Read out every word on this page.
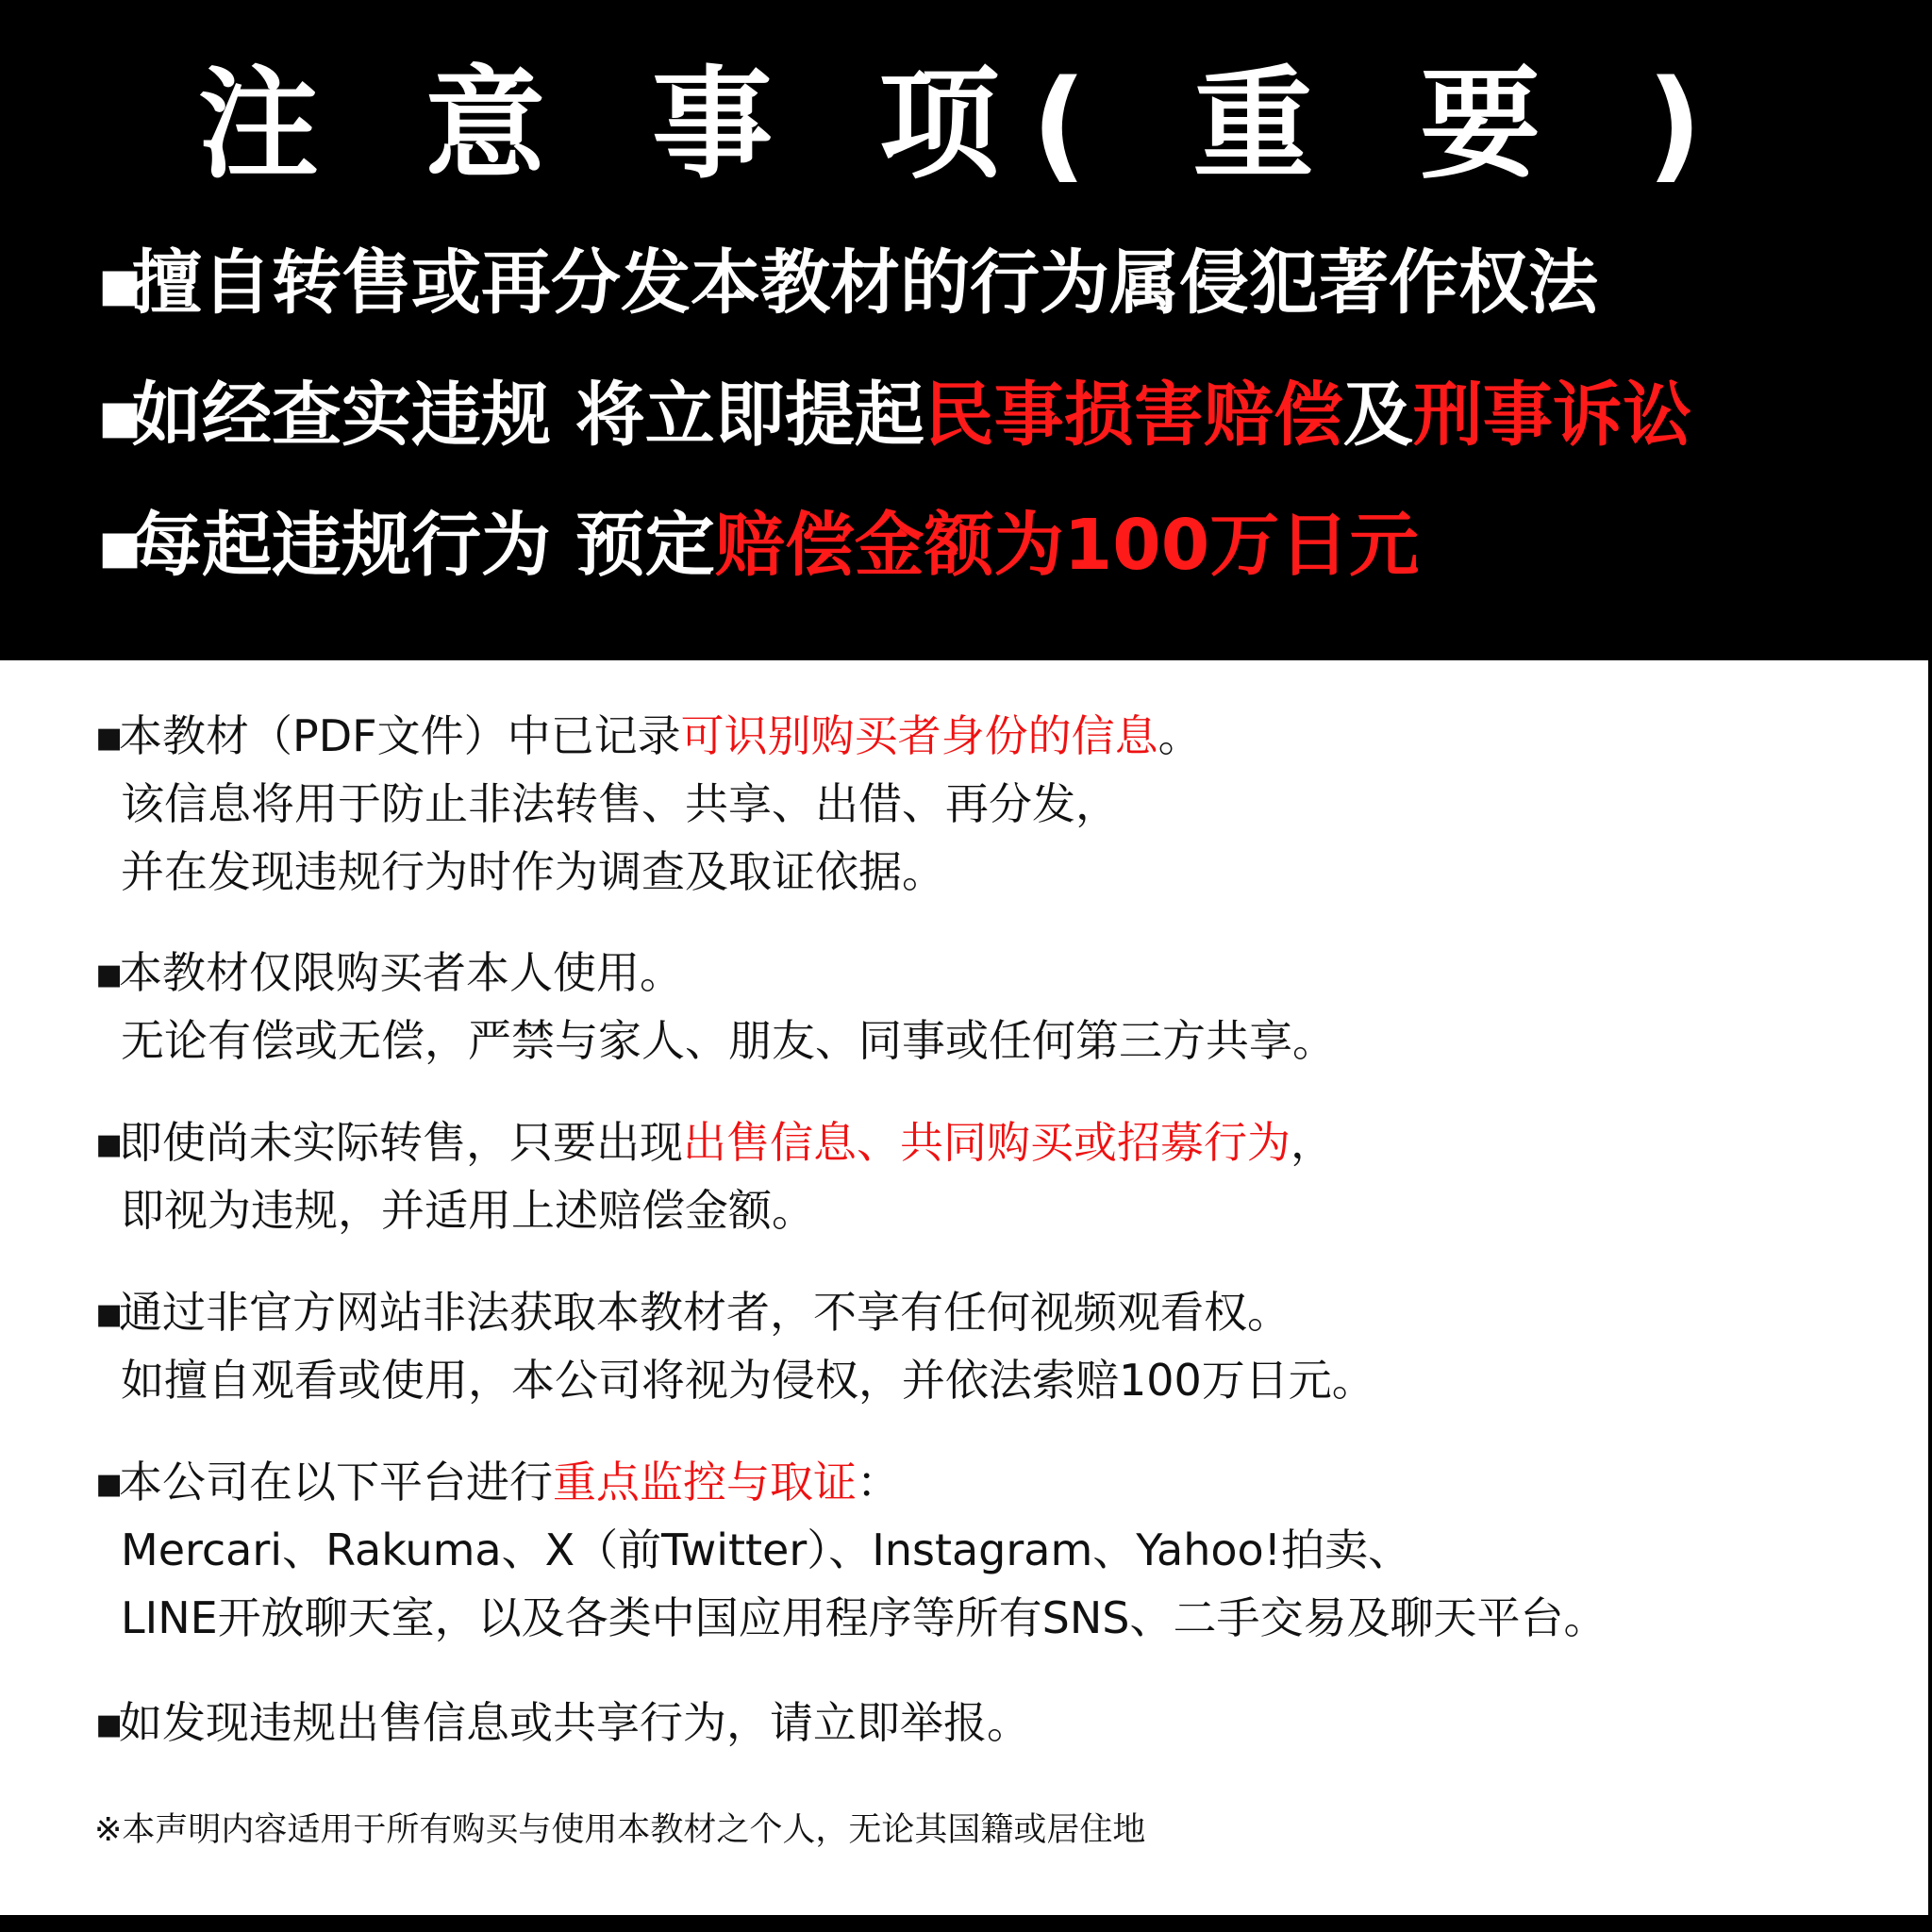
注 意 事 项( 重 要 )
▪擅自转售或再分发本教材的行为属侵犯著作权法
▪如经查实违规 将立即提起民事损害赔偿及刑事诉讼
▪每起违规行为 预定赔偿金额为100万日元
▪本教材（PDF文件）中已记录可识别购买者身份的信息。
该信息将用于防止非法转售、共享、出借、再分发，
并在发现违规行为时作为调查及取证依据。
▪本教材仅限购买者本人使用。
无论有偿或无偿，严禁与家人、朋友、同事或任何第三方共享。
▪即使尚未实际转售，只要出现出售信息、共同购买或招募行为，
即视为违规，并适用上述赔偿金额。
▪通过非官方网站非法获取本教材者，不享有任何视频观看权。
如擅自观看或使用，本公司将视为侵权，并依法索赔100万日元。
▪本公司在以下平台进行重点监控与取证：
Mercari、Rakuma、X（前Twitter）、Instagram、Yahoo!拍卖、
LINE开放聊天室，以及各类中国应用程序等所有SNS、二手交易及聊天平台。
▪如发现违规出售信息或共享行为，请立即举报。
※本声明内容适用于所有购买与使用本教材之个人，无论其国籍或居住地
